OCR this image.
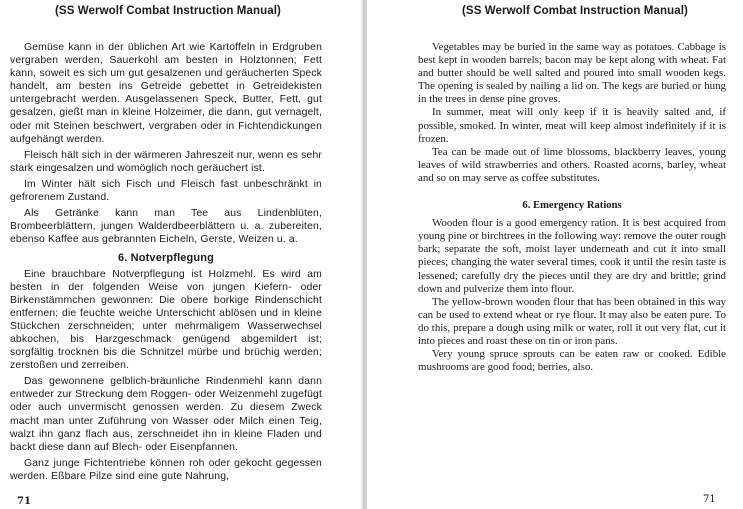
(SS Werwolf Combat Instruction Manual)

Gemüse kann in der üblichen Art wie Kartoffeln in Erdgruben vergraben werden, Sauerkohl am besten in Holztonnen; Fett kann, soweit es sich um gut gesalzenen und geräucherten Speck handelt, am besten ins Getreide gebettet in Getreidekisten untergebracht werden. Ausgelassenen Speck, Butter, Fett, gut gesalzen, gießt man in kleine Holzeimer, die dann, gut vernagelt, oder mit Steinen beschwert, vergraben oder in Fichtendickungen aufgehängt werden.

Fleisch hält sich in der wärmeren Jahreszeit nur, wenn es sehr stark eingesalzen und womöglich noch geräuchert ist.

Im Winter hält sich Fisch und Fleisch fast unbeschränkt in gefrorenem Zustand.

Als Getränke kann man Tee aus Lindenblüten, Brombeerblättern, jungen Walderdbeerblättern u. a. zubereiten, ebenso Kaffee aus gebrannten Eicheln, Gerste, Weizen u. a.

6. Notverpflegung

Eine brauchbare Notverpflegung ist Holzmehl. Es wird am besten in der folgenden Weise von jungen Kiefern- oder Birkenstämmchen gewonnen: Die obere borkige Rindenschicht entfernen; die feuchte weiche Unterschicht ablösen und in kleine Stückchen zerschneiden; unter mehrmaligem Wasserwechsel abkochen, bis Harzgeschmack genügend abgemildert ist; sorgfältig trocknen bis die Schnitzel mürbe und brüchig werden; zerstoßen und zerreiben.

Das gewonnene gelblich-bräunliche Rindenmehl kann dann entweder zur Streckung dem Roggen- oder Weizenmehl zugefügt oder auch unvermischt genossen werden. Zu diesem Zweck macht man unter Zuführung von Wasser oder Milch einen Teig, walzt ihn ganz flach aus, zerschneidet ihn in kleine Fladen und backt diese dann auf Blech- oder Eisenpfannen.

Ganz junge Fichtentriebe können roh oder gekocht gegessen werden. Eßbare Pilze sind eine gute Nahrung,

71
(SS Werwolf Combat Instruction Manual)

Vegetables may be buried in the same way as potatoes. Cabbage is best kept in wooden barrels; bacon may be kept along with wheat. Fat and butter should be well salted and poured into small wooden kegs. The opening is sealed by nailing a lid on. The kegs are buried or hung in the trees in dense pine groves.

In summer, meat will only keep if it is heavily salted and, if possible, smoked. In winter, meat will keep almost indefinitely if it is frozen.

Tea can be made out of lime blossoms, blackberry leaves, young leaves of wild strawberries and others. Roasted acorns, barley, wheat and so on may serve as coffee substitutes.

6. Emergency Rations

Wooden flour is a good emergency ration. It is best acquired from young pine or birchtrees in the following way: remove the outer rough bark; separate the soft, moist layer underneath and cut it into small pieces; changing the water several times, cook it until the resin taste is lessened; carefully dry the pieces until they are dry and brittle; grind down and pulverize them into flour.

The yellow-brown wooden flour that has been obtained in this way can be used to extend wheat or rye flour. It may also be eaten pure. To do this, prepare a dough using milk or water, roll it out very flat, cut it into pieces and roast these on tin or iron pans.

Very young spruce sprouts can be eaten raw or cooked. Edible mushrooms are good food; berries, also.

71
